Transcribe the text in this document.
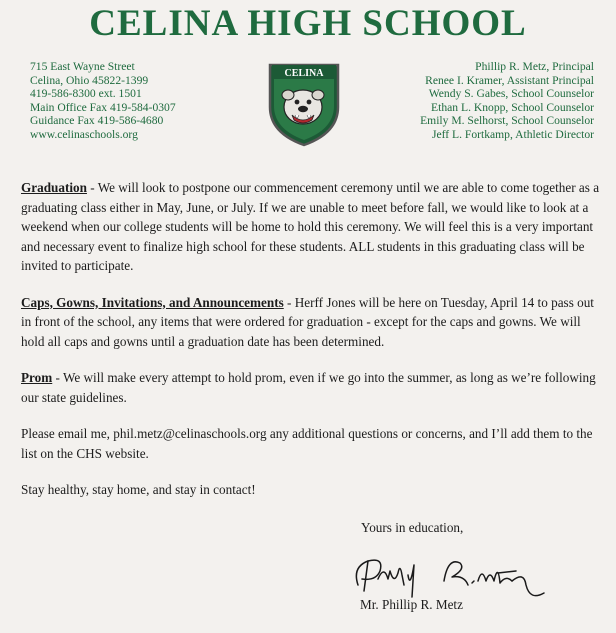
CELINA HIGH SCHOOL
715 East Wayne Street
Celina, Ohio 45822-1399
419-586-8300 ext. 1501
Main Office Fax 419-584-0307
Guidance Fax 419-586-4680
www.celinaschools.org
CELINA
Phillip R. Metz, Principal
Renee I. Kramer, Assistant Principal
Wendy S. Gabes, School Counselor
Ethan L. Knopp, School Counselor
Emily M. Selhorst, School Counselor
Jeff L. Fortkamp, Athletic Director

Graduation - We will look to postpone our commencement ceremony until we are able to come together as a graduating class either in May, June, or July. If we are unable to meet before fall, we would like to look at a weekend when our college students will be home to hold this ceremony. We will feel this is a very important and necessary event to finalize high school for these students. ALL students in this graduating class will be invited to participate.

Caps, Gowns, Invitations, and Announcements - Herff Jones will be here on Tuesday, April 14 to pass out in front of the school, any items that were ordered for graduation - except for the caps and gowns. We will hold all caps and gowns until a graduation date has been determined.

Prom - We will make every attempt to hold prom, even if we go into the summer, as long as we’re following our state guidelines.

Please email me, phil.metz@celinaschools.org any additional questions or concerns, and I’ll add them to the list on the CHS website.

Stay healthy, stay home, and stay in contact!

Yours in education,
Mr. Phillip R. Metz
